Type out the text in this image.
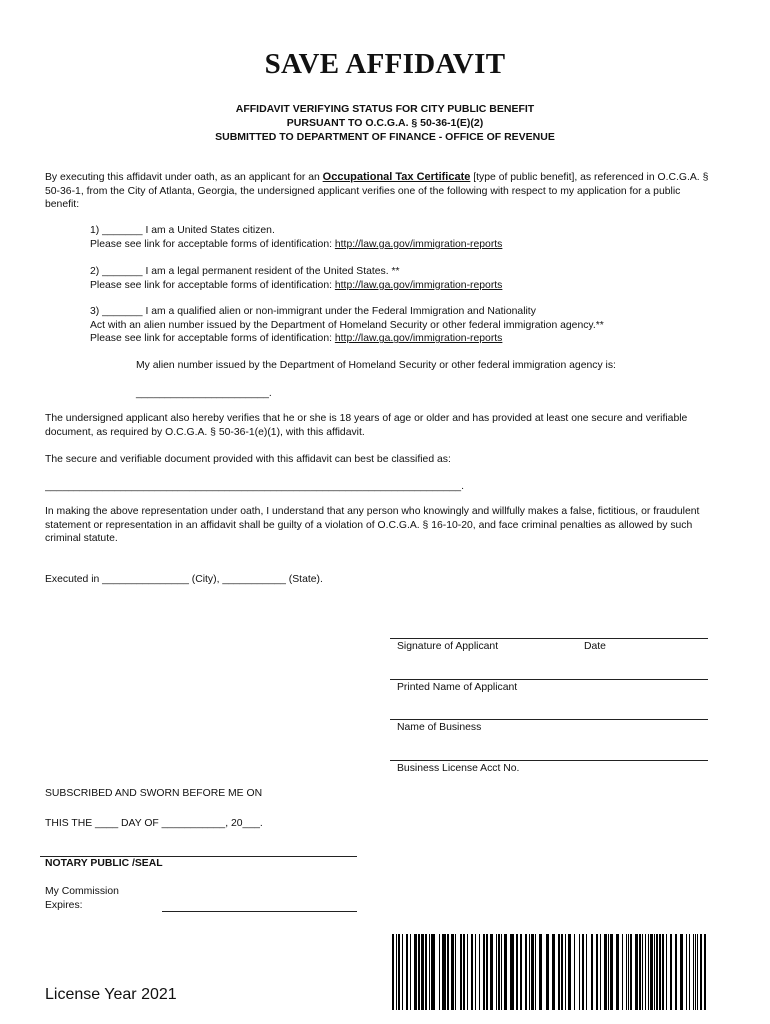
SAVE AFFIDAVIT
AFFIDAVIT VERIFYING STATUS FOR CITY PUBLIC BENEFIT
PURSUANT TO O.C.G.A. § 50-36-1(E)(2)
SUBMITTED TO DEPARTMENT OF FINANCE - OFFICE OF REVENUE
By executing this affidavit under oath, as an applicant for an Occupational Tax Certificate [type of public benefit], as referenced in O.C.G.A. § 50-36-1, from the City of Atlanta, Georgia, the undersigned applicant verifies one of the following with respect to my application for a public benefit:
1) _______ I am a United States citizen.
Please see link for acceptable forms of identification: http://law.ga.gov/immigration-reports
2) _______ I am a legal permanent resident of the United States. **
Please see link for acceptable forms of identification: http://law.ga.gov/immigration-reports
3) _______ I am a qualified alien or non-immigrant under the Federal Immigration and Nationality
Act with an alien number issued by the Department of Homeland Security or other federal immigration agency.**
Please see link for acceptable forms of identification: http://law.ga.gov/immigration-reports
My alien number issued by the Department of Homeland Security or other federal immigration agency is:
_______________________.
The undersigned applicant also hereby verifies that he or she is 18 years of age or older and has provided at least one secure and verifiable document, as required by O.C.G.A. § 50-36-1(e)(1), with this affidavit.
The secure and verifiable document provided with this affidavit can best be classified as:
________________________________________________________________________.
In making the above representation under oath, I understand that any person who knowingly and willfully makes a false, fictitious, or fraudulent statement or representation in an affidavit shall be guilty of a violation of O.C.G.A. § 16-10-20, and face criminal penalties as allowed by such criminal statute.
Executed in _______________ (City), ___________ (State).
Signature of Applicant	Date
Printed Name of Applicant
Name of Business
Business License Acct No.
SUBSCRIBED AND SWORN BEFORE ME ON
THIS THE ____ DAY OF ___________, 20___.
NOTARY PUBLIC /SEAL
My Commission
Expires:
License Year 2021
